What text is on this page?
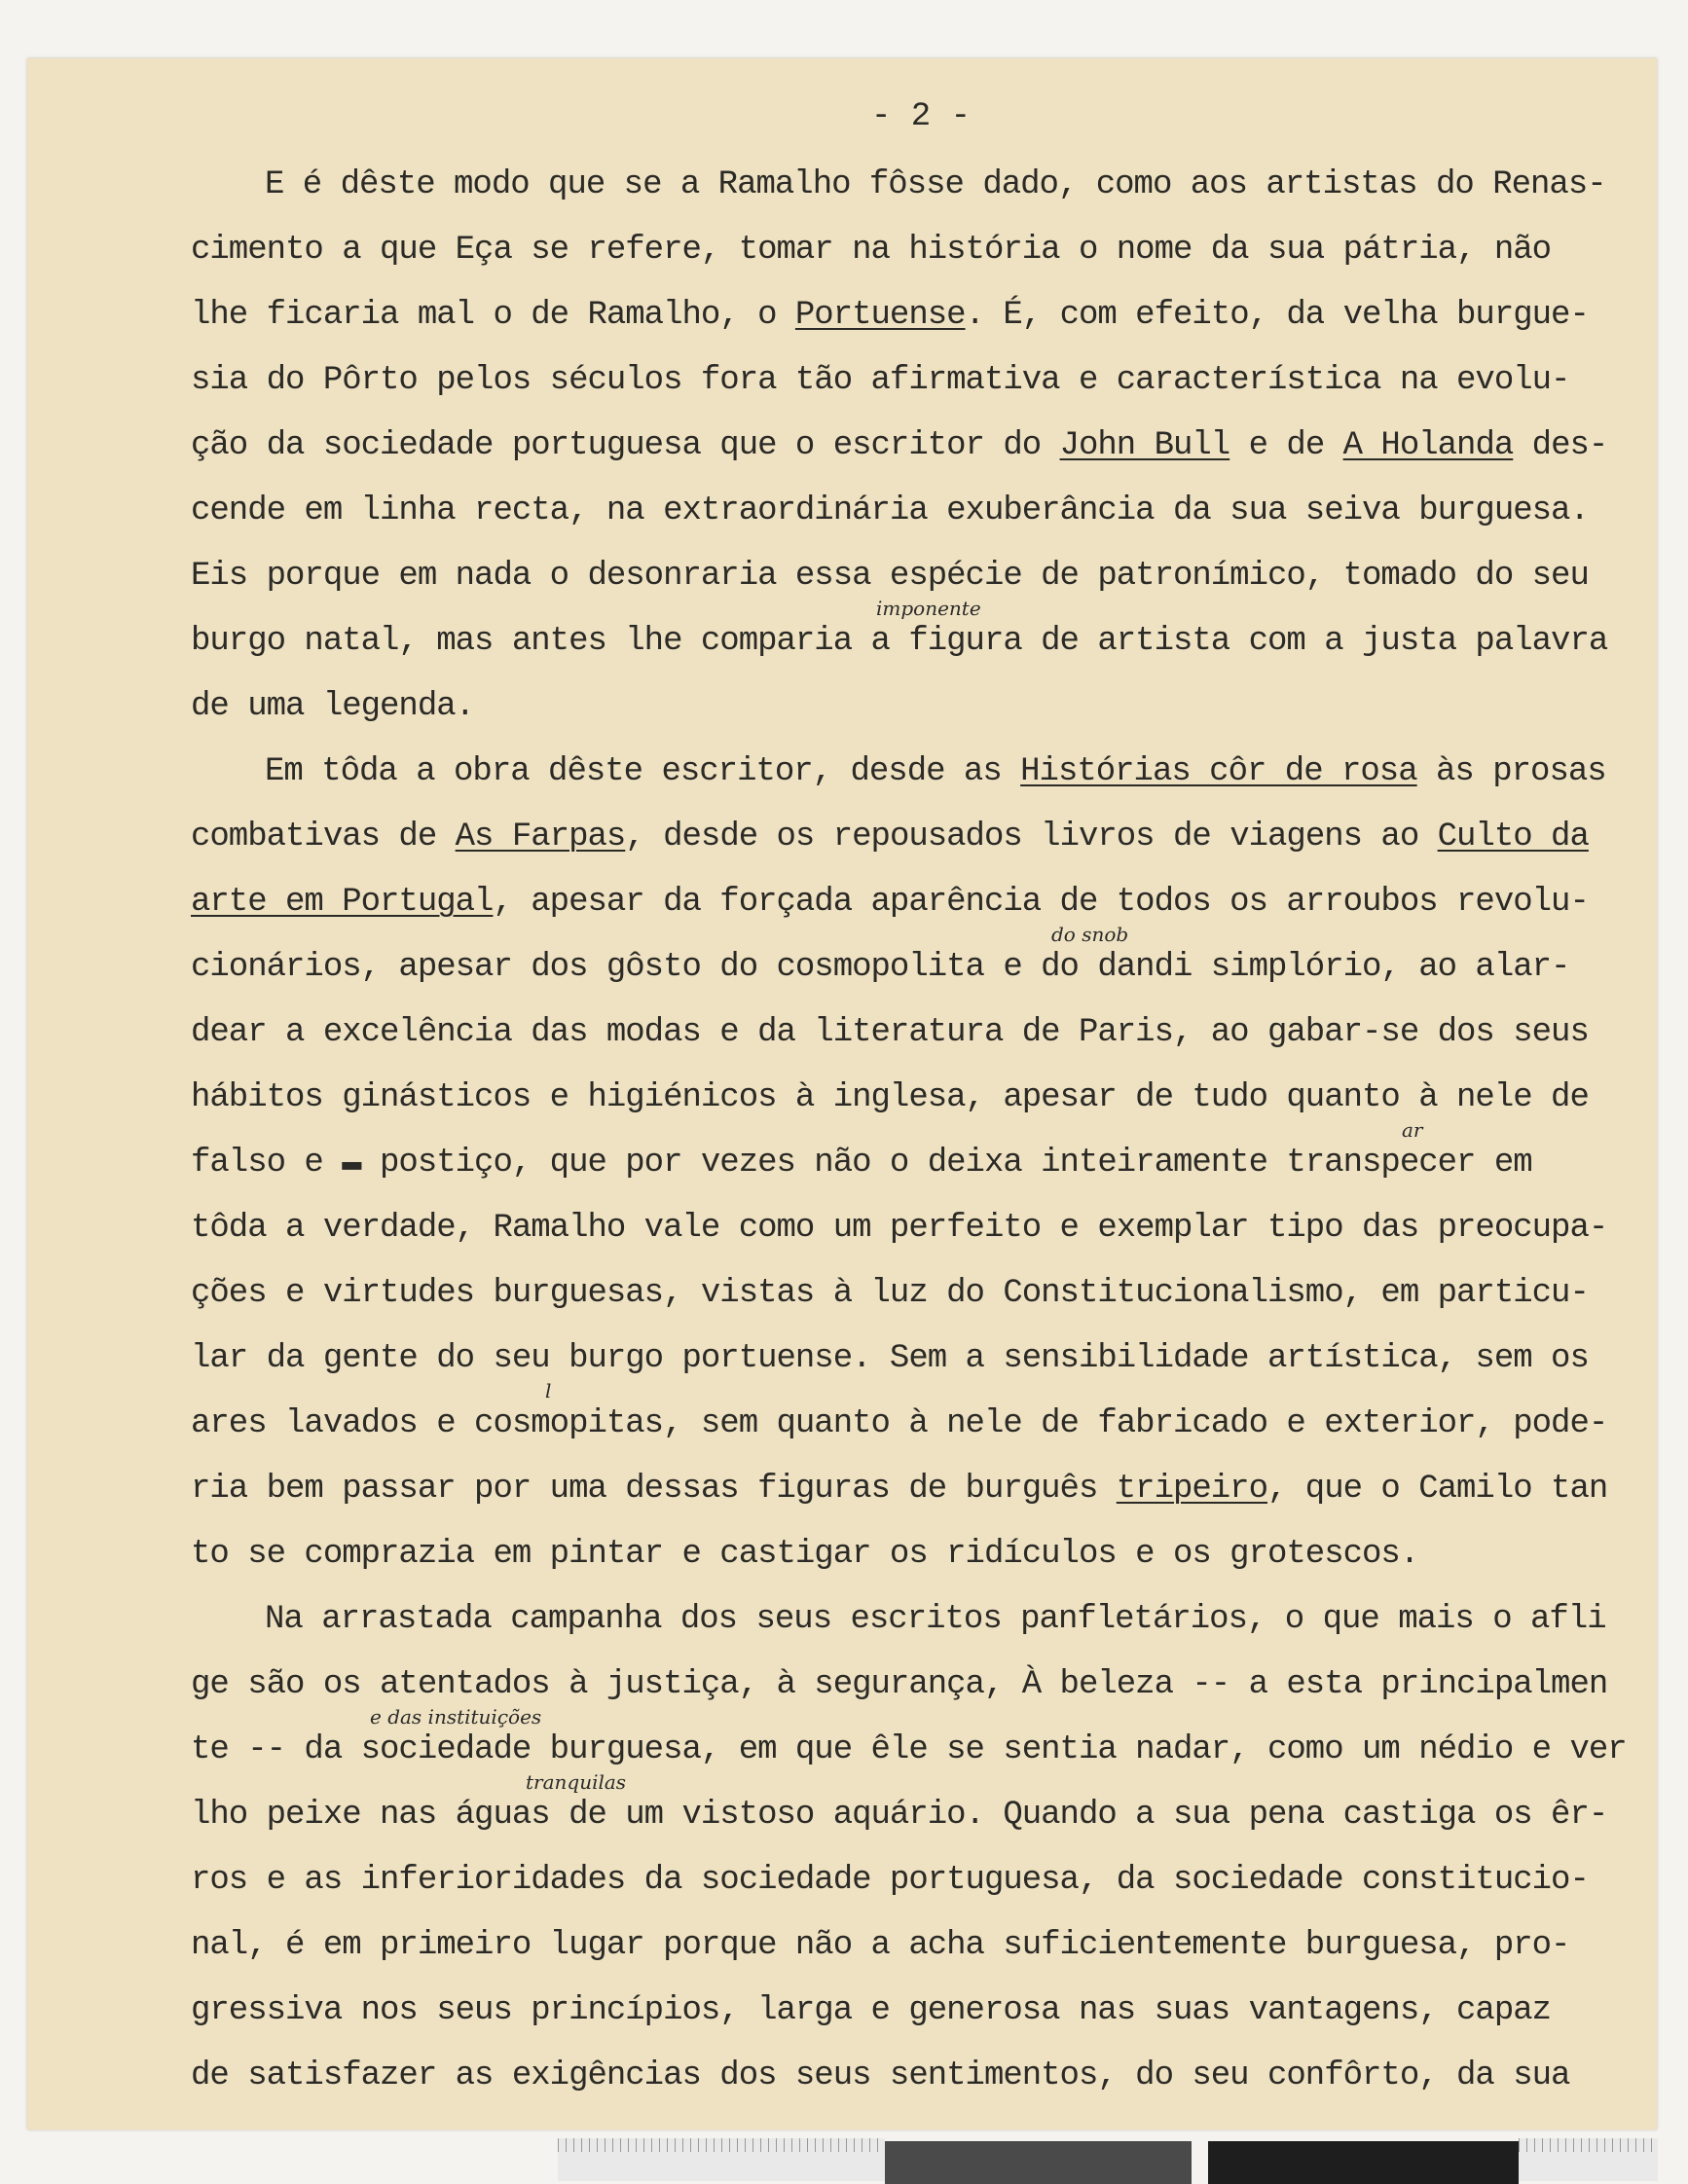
- 2 -
E é dêste modo que se a Ramalho fôsse dado, como aos artistas do Renas-
cimento a que Eça se refere, tomar na história o nome da sua pátria, não
lhe ficaria mal o de Ramalho, o Portuense. É, com efeito, da velha burgue-
sia do Pôrto pelos séculos fora tão afirmativa e característica na evolu-
ção da sociedade portuguesa que o escritor do John Bull e de A Holanda des-
cende em linha recta, na extraordinária exuberância da sua seiva burguesa.
Eis porque em nada o desonraria essa espécie de patronímico, tomado do seu
burgo natal, mas antes lhe comparia a figura de artista com a justa palavra
de uma legenda.
Em tôda a obra dêste escritor, desde as Histórias côr de rosa às prosas
combativas de As Farpas, desde os repousados livros de viagens ao Culto da
arte em Portugal, apesar da forçada aparência de todos os arroubos revolu-
cionários, apesar dos gôsto do cosmopolita e do dandi simplório, ao alar-
dear a excelência das modas e da literatura de Paris, ao gabar-se dos seus
hábitos ginásticos e higiénicos à inglesa, apesar de tudo quanto à nele de
falso e ▬ postiço, que por vezes não o deixa inteiramente transpecer em
tôda a verdade, Ramalho vale como um perfeito e exemplar tipo das preocupa-
ções e virtudes burguesas, vistas à luz do Constitucionalismo, em particu-
lar da gente do seu burgo portuense. Sem a sensibilidade artística, sem os
ares lavados e cosmopitas, sem quanto à nele de fabricado e exterior, pode-
ria bem passar por uma dessas figuras de burguês tripeiro, que o Camilo tan
to se comprazia em pintar e castigar os ridículos e os grotescos.
Na arrastada campanha dos seus escritos panfletários, o que mais o afli
ge são os atentados à justiça, à segurança, À beleza -- a esta principalmen
te -- da sociedade burguesa, em que êle se sentia nadar, como um nédio e ver
lho peixe nas águas de um vistoso aquário. Quando a sua pena castiga os êr-
ros e as inferioridades da sociedade portuguesa, da sociedade constitucio-
nal, é em primeiro lugar porque não a acha suficientemente burguesa, pro-
gressiva nos seus princípios, larga e generosa nas suas vantagens, capaz
de satisfazer as exigências dos seus sentimentos, do seu confôrto, da sua
imponente
do snob
ar
l
e das instituições
tranquilas
